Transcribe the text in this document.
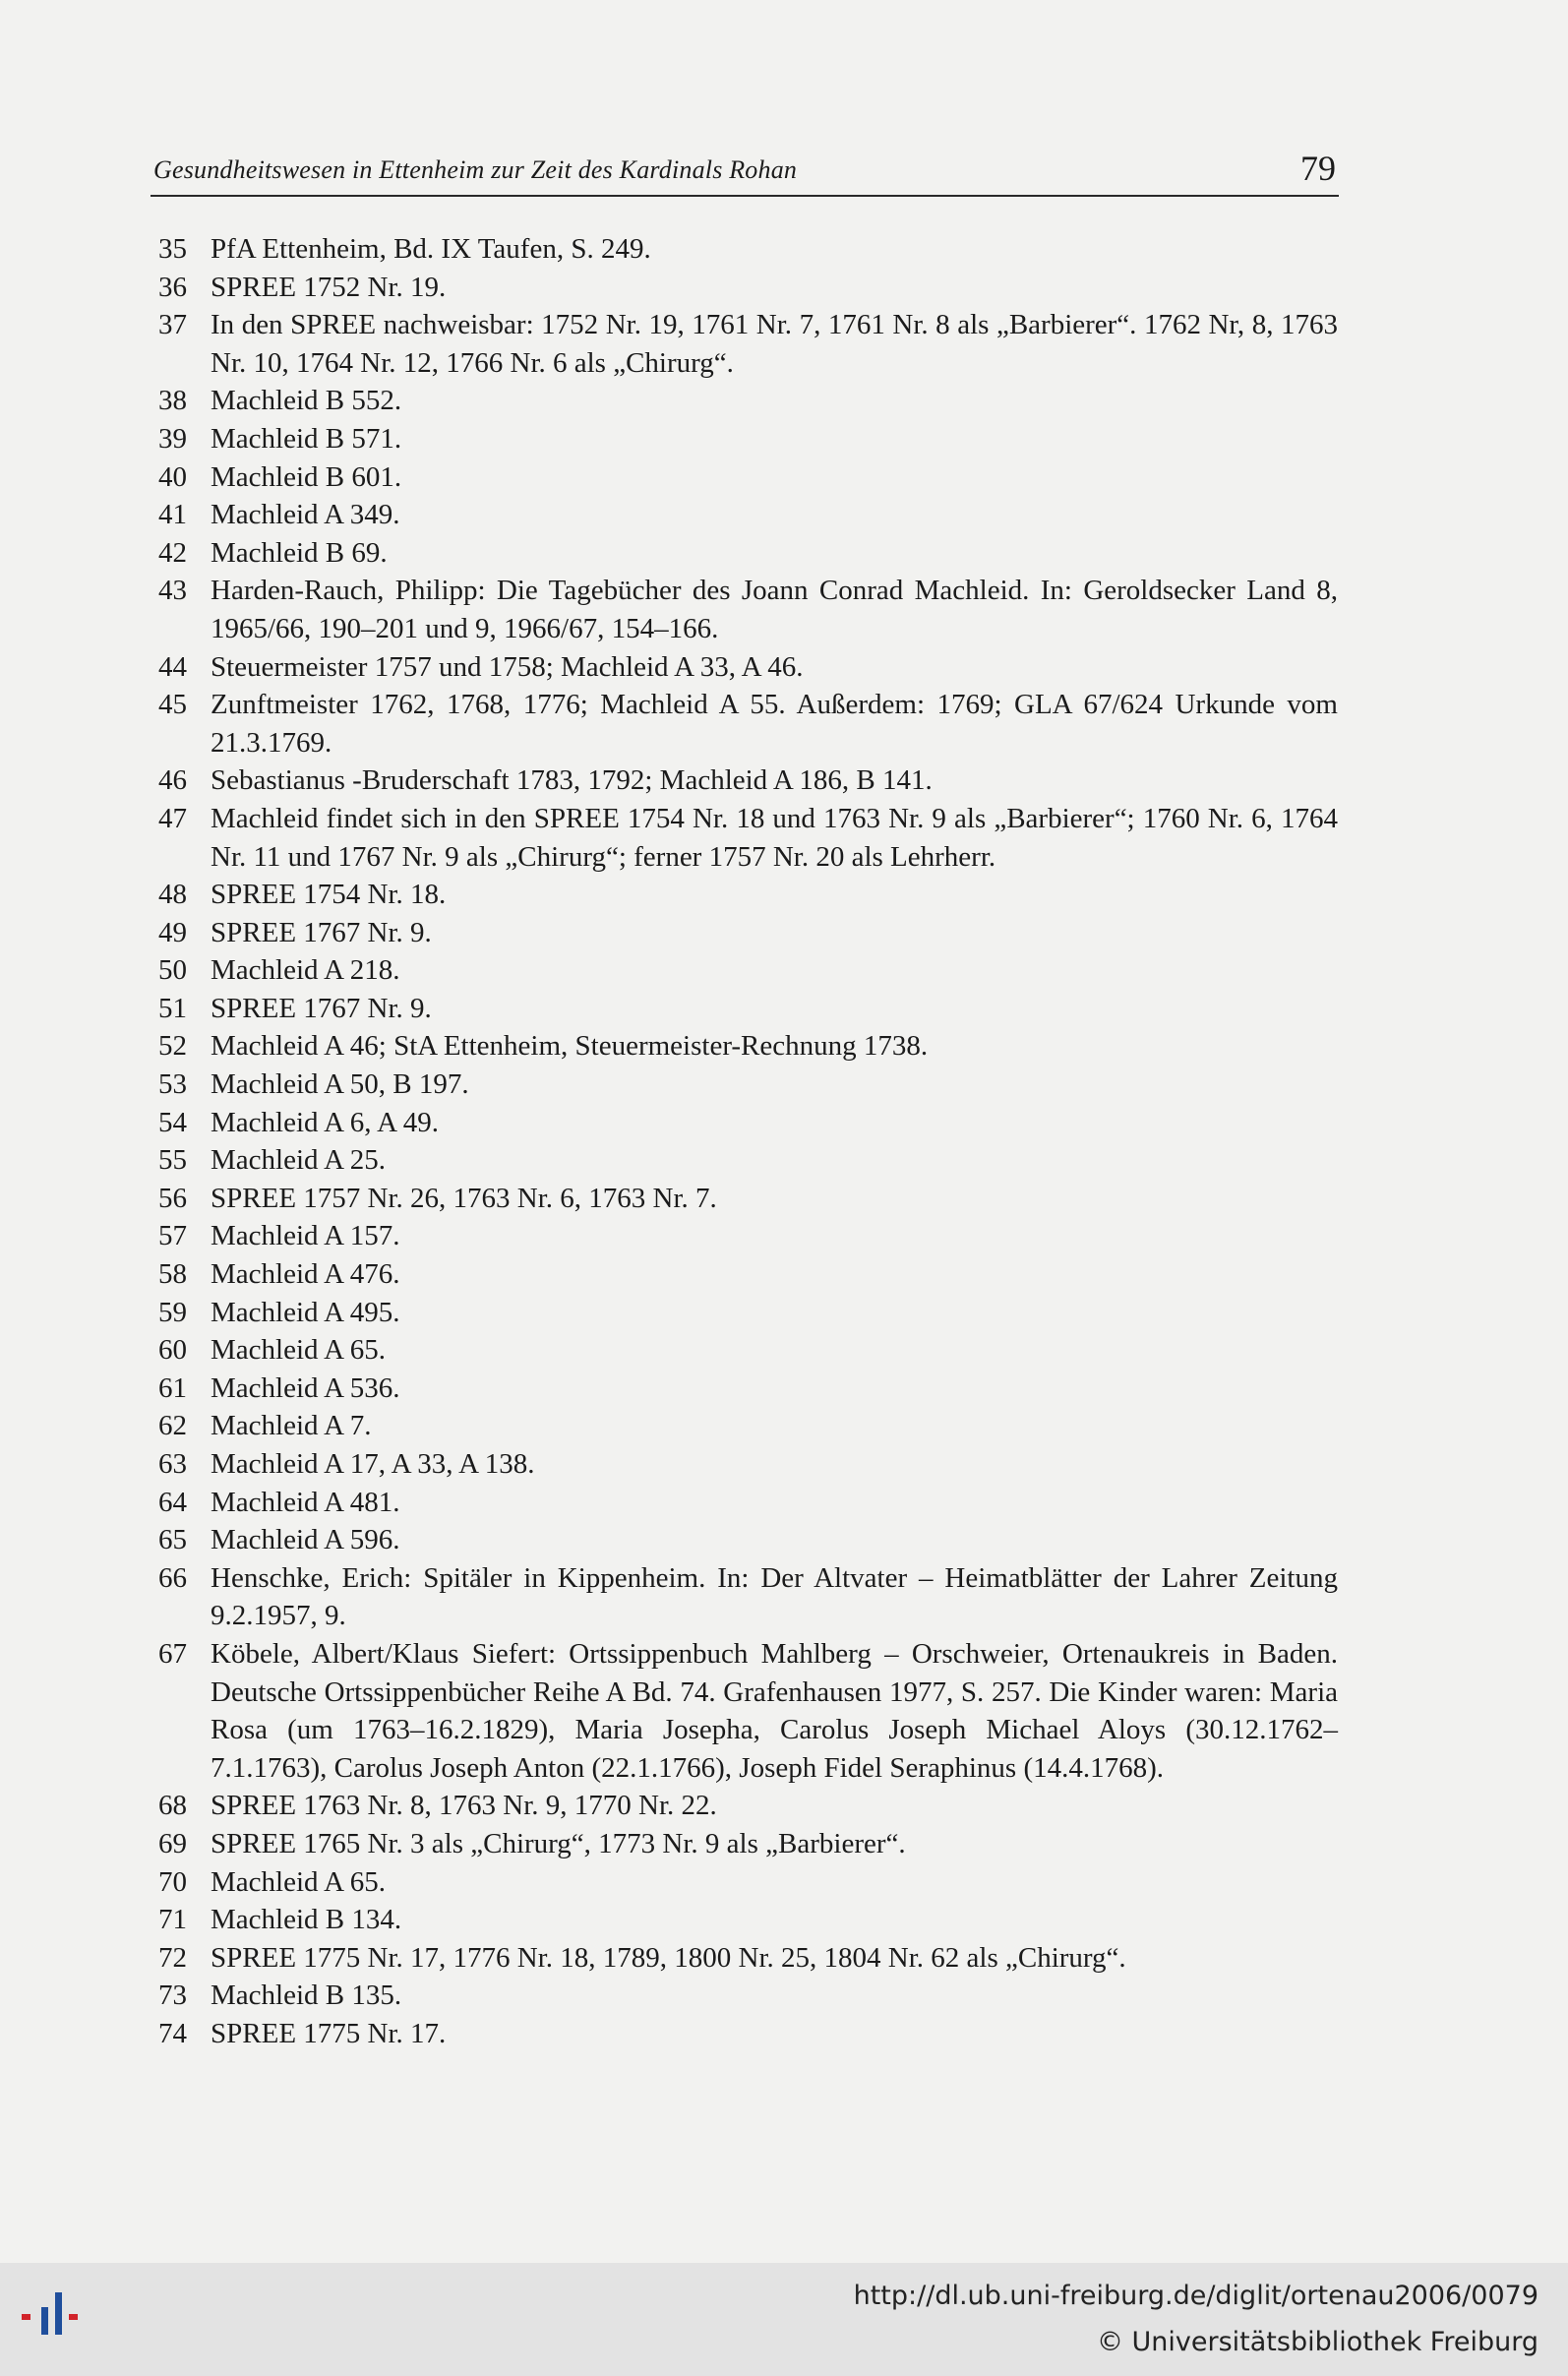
Gesundheitswesen in Ettenheim zur Zeit des Kardinals Rohan	79
35 PfA Ettenheim, Bd. IX Taufen, S. 249.
36 SPREE 1752 Nr. 19.
37 In den SPREE nachweisbar: 1752 Nr. 19, 1761 Nr. 7, 1761 Nr. 8 als „Barbierer“. 1762 Nr, 8, 1763 Nr. 10, 1764 Nr. 12, 1766 Nr. 6 als „Chirurg“.
38 Machleid B 552.
39 Machleid B 571.
40 Machleid B 601.
41 Machleid A 349.
42 Machleid B 69.
43 Harden-Rauch, Philipp: Die Tagebücher des Joann Conrad Machleid. In: Geroldsecker Land 8, 1965/66, 190–201 und 9, 1966/67, 154–166.
44 Steuermeister 1757 und 1758; Machleid A 33, A 46.
45 Zunftmeister 1762, 1768, 1776; Machleid A 55. Außerdem: 1769; GLA 67/624 Urkunde vom 21.3.1769.
46 Sebastianus -Bruderschaft 1783, 1792; Machleid A 186, B 141.
47 Machleid findet sich in den SPREE 1754 Nr. 18 und 1763 Nr. 9 als „Barbierer“; 1760 Nr. 6, 1764 Nr. 11 und 1767 Nr. 9 als „Chirurg“; ferner 1757 Nr. 20 als Lehrherr.
48 SPREE 1754 Nr. 18.
49 SPREE 1767 Nr. 9.
50 Machleid A 218.
51 SPREE 1767 Nr. 9.
52 Machleid A 46; StA Ettenheim, Steuermeister-Rechnung 1738.
53 Machleid A 50, B 197.
54 Machleid A 6, A 49.
55 Machleid A 25.
56 SPREE 1757 Nr. 26, 1763 Nr. 6, 1763 Nr. 7.
57 Machleid A 157.
58 Machleid A 476.
59 Machleid A 495.
60 Machleid A 65.
61 Machleid A 536.
62 Machleid A 7.
63 Machleid A 17, A 33, A 138.
64 Machleid A 481.
65 Machleid A 596.
66 Henschke, Erich: Spitäler in Kippenheim. In: Der Altvater – Heimatblätter der Lahrer Zeitung 9.2.1957, 9.
67 Köbele, Albert/Klaus Siefert: Ortssippenbuch Mahlberg – Orschweier, Ortenaukreis in Baden. Deutsche Ortssippenbücher Reihe A Bd. 74. Grafenhausen 1977, S. 257. Die Kinder waren: Maria Rosa (um 1763–16.2.1829), Maria Josepha, Carolus Joseph Michael Aloys (30.12.1762–7.1.1763), Carolus Joseph Anton (22.1.1766), Joseph Fidel Seraphinus (14.4.1768).
68 SPREE 1763 Nr. 8, 1763 Nr. 9, 1770 Nr. 22.
69 SPREE 1765 Nr. 3 als „Chirurg“, 1773 Nr. 9 als „Barbierer“.
70 Machleid A 65.
71 Machleid B 134.
72 SPREE 1775 Nr. 17, 1776 Nr. 18, 1789, 1800 Nr. 25, 1804 Nr. 62 als „Chirurg“.
73 Machleid B 135.
74 SPREE 1775 Nr. 17.
http://dl.ub.uni-freiburg.de/diglit/ortenau2006/0079
© Universitätsbibliothek Freiburg
